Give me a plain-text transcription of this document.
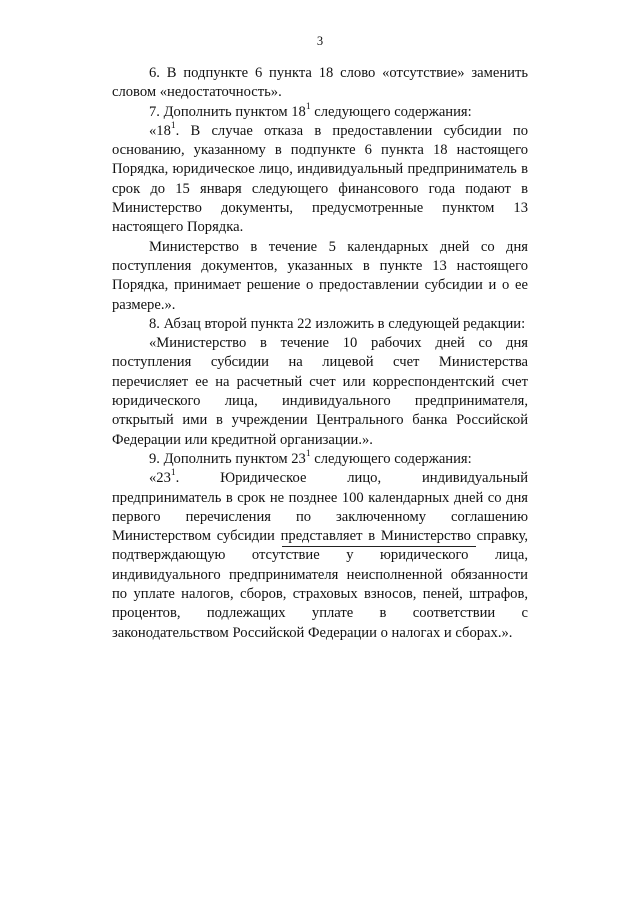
3

6. В подпункте 6 пункта 18 слово «отсутствие» заменить словом «недостаточность».

7. Дополнить пунктом $18^1$ следующего содержания:

«$18^1$. В случае отказа в предоставлении субсидии по основанию, указанному в подпункте 6 пункта 18 настоящего Порядка, юридическое лицо, индивидуальный предприниматель в срок до 15 января следующего финансового года подают в Министерство документы, предусмотренные пунктом 13 настоящего Порядка.

Министерство в течение 5 календарных дней со дня поступления документов, указанных в пункте 13 настоящего Порядка, принимает решение о предоставлении субсидии и о ее размере.».

8. Абзац второй пункта 22 изложить в следующей редакции:

«Министерство в течение 10 рабочих дней со дня поступления субсидии на лицевой счет Министерства перечисляет ее на расчетный счет или корреспондентский счет юридического лица, индивидуального предпринимателя, открытый ими в учреждении Центрального банка Российской Федерации или кредитной организации.».

9. Дополнить пунктом $23^1$ следующего содержания:

«$23^1$. Юридическое лицо, индивидуальный предприниматель в срок не позднее 100 календарных дней со дня первого перечисления по заключенному соглашению Министерством субсидии представляет в Министерство справку, подтверждающую отсутствие у юридического лица, индивидуального предпринимателя неисполненной обязанности по уплате налогов, сборов, страховых взносов, пеней, штрафов, процентов, подлежащих уплате в соответствии с законодательством Российской Федерации о налогах и сборах.».
